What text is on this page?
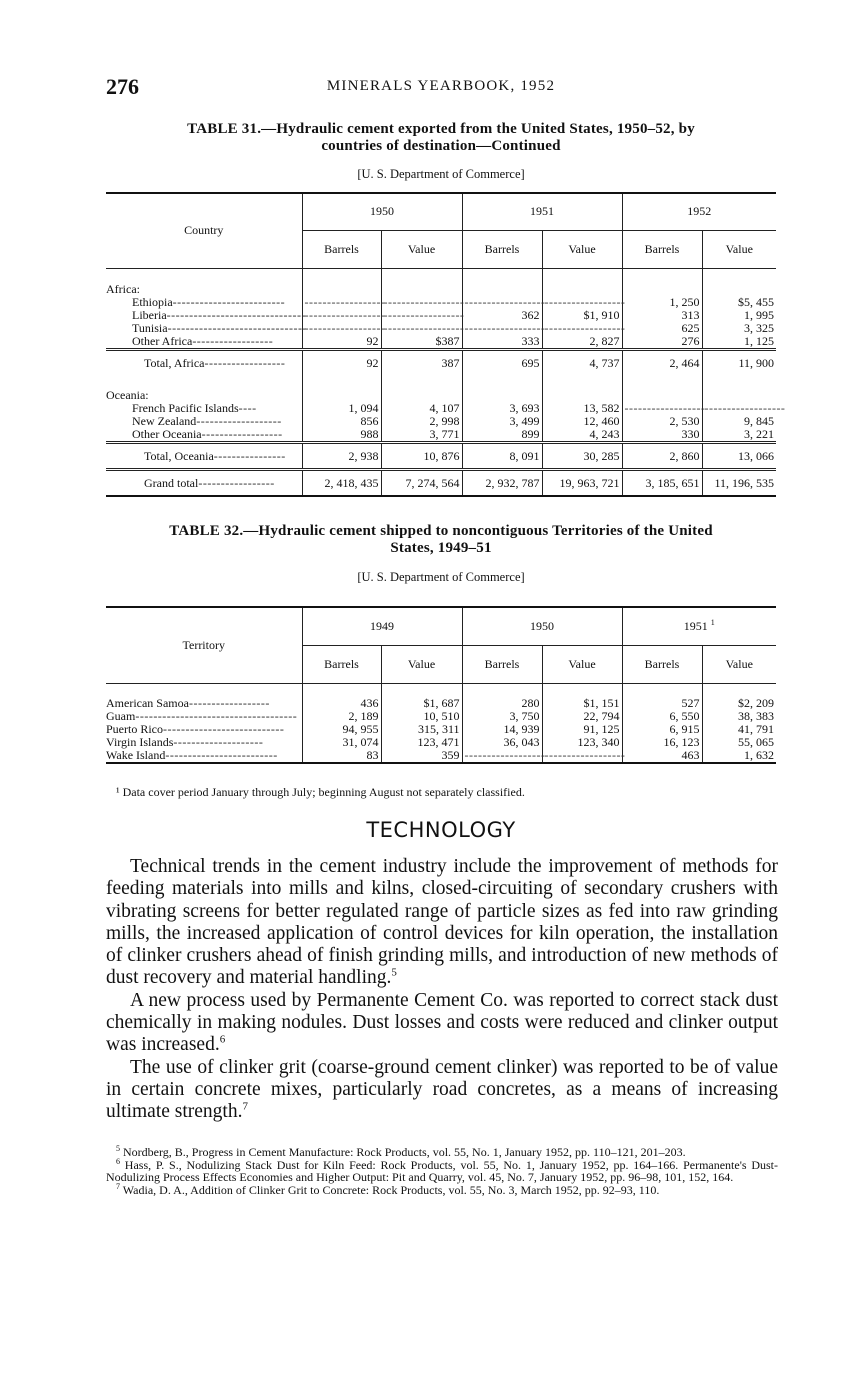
276	MINERALS YEARBOOK, 1952
TABLE 31.—Hydraulic cement exported from the United States, 1950–52, by
countries of destination—Continued
[U. S. Department of Commerce]
Country	1950		1951		1952	
	Barrels	Value	Barrels	Value	Barrels	Value

Africa:						
Ethiopia-------------------------	------------------	------------------	------------------	------------------	1, 250	$5, 455
Liberia-------------------------------	------------------	------------------	362	$1, 910	313	1, 995
Tunisia-------------------------------	------------------	------------------	------------------	------------------	625	3, 325
Other Africa------------------	92	$387	333	2, 827	276	1, 125
Total, Africa------------------	92	387	695	4, 737	2, 464	11, 900

Oceania:						
French Pacific Islands----	1, 094	4, 107	3, 693	13, 582	------------------	------------------
New Zealand-------------------	856	2, 998	3, 499	12, 460	2, 530	9, 845
Other Oceania------------------	988	3, 771	899	4, 243	330	3, 221
Total, Oceania----------------	2, 938	10, 876	8, 091	30, 285	2, 860	13, 066
Grand total-----------------	2, 418, 435	7, 274, 564	2, 932, 787	19, 963, 721	3, 185, 651	11, 196, 535
TABLE 32.—Hydraulic cement shipped to noncontiguous Territories of the United
States, 1949–51
[U. S. Department of Commerce]
Territory	1949		1950		1951 $^1$
	Barrels	Value	Barrels	Value	Barrels	Value

American Samoa------------------	436	$1, 687	280	$1, 151	527	$2, 209
Guam------------------------------------	2, 189	10, 510	3, 750	22, 794	6, 550	38, 383
Puerto Rico---------------------------	94, 955	315, 311	14, 939	91, 125	6, 915	41, 791
Virgin Islands--------------------	31, 074	123, 471	36, 043	123, 340	16, 123	55, 065
Wake Island-------------------------	83	359	------------------	------------------	463	1, 632
¹ Data cover period January through July; beginning August not separately classified.
TECHNOLOGY

Technical trends in the cement industry include the improvement of methods for feeding materials into mills and kilns, closed-circuiting of secondary crushers with vibrating screens for better regulated range of particle sizes as fed into raw grinding mills, the increased application of control devices for kiln operation, the installation of clinker crushers ahead of finish grinding mills, and introduction of new methods of dust recovery and material handling.$^5$

A new process used by Permanente Cement Co. was reported to correct stack dust chemically in making nodules. Dust losses and costs were reduced and clinker output was increased.$^6$

The use of clinker grit (coarse-ground cement clinker) was reported to be of value in certain concrete mixes, particularly road concretes, as a means of increasing ultimate strength.$^7$

$^5$ Nordberg, B., Progress in Cement Manufacture: Rock Products, vol. 55, No. 1, January 1952, pp. 110–121, 201–203.

$^6$ Hass, P. S., Nodulizing Stack Dust for Kiln Feed: Rock Products, vol. 55, No. 1, January 1952, pp. 164–166. Permanente's Dust-Nodulizing Process Effects Economies and Higher Output: Pit and Quarry, vol. 45, No. 7, January 1952, pp. 96–98, 101, 152, 164.

$^7$ Wadia, D. A., Addition of Clinker Grit to Concrete: Rock Products, vol. 55, No. 3, March 1952, pp. 92–93, 110.
